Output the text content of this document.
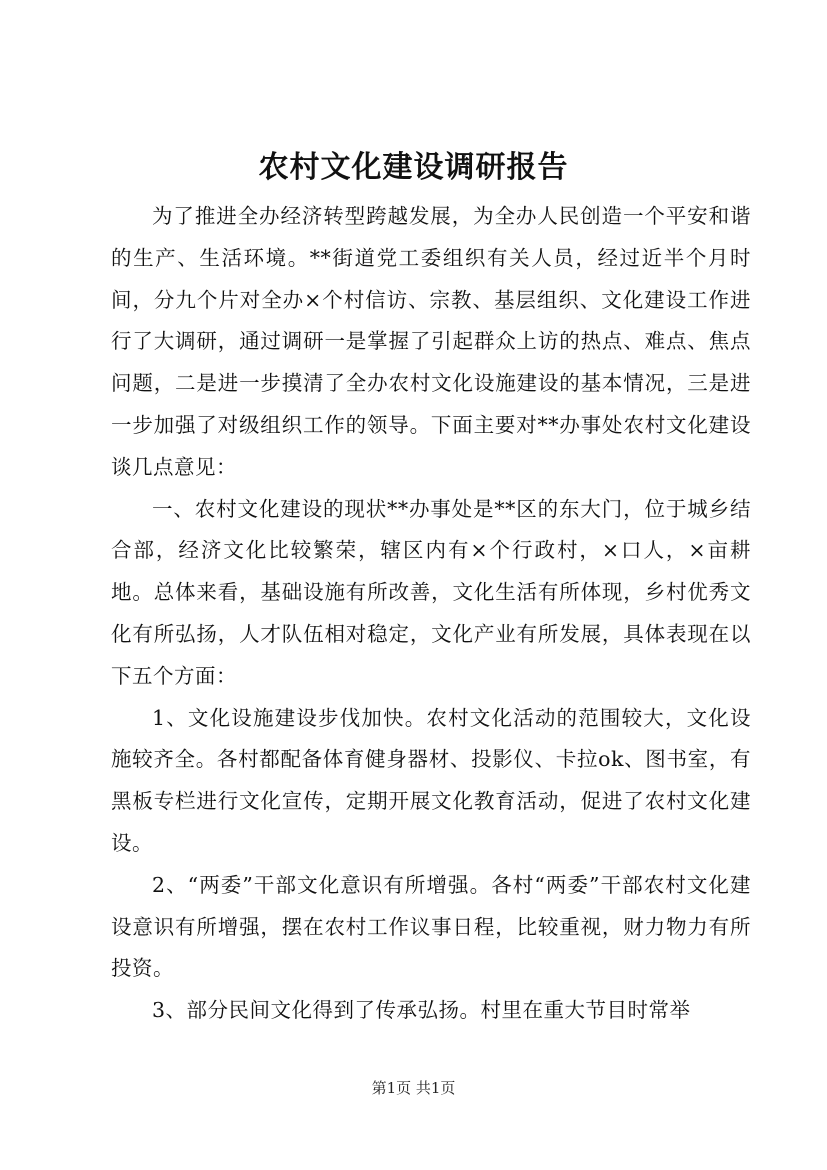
农村文化建设调研报告

为了推进全办经济转型跨越发展，为全办人民创造一个平安和谐的生产、生活环境。**街道党工委组织有关人员，经过近半个月时间，分九个片对全办×个村信访、宗教、基层组织、文化建设工作进行了大调研，通过调研一是掌握了引起群众上访的热点、难点、焦点问题，二是进一步摸清了全办农村文化设施建设的基本情况，三是进一步加强了对级组织工作的领导。下面主要对**办事处农村文化建设谈几点意见：

一、农村文化建设的现状**办事处是**区的东大门，位于城乡结合部，经济文化比较繁荣，辖区内有×个行政村，×口人，×亩耕地。总体来看，基础设施有所改善，文化生活有所体现，乡村优秀文化有所弘扬，人才队伍相对稳定，文化产业有所发展，具体表现在以下五个方面：

1、文化设施建设步伐加快。农村文化活动的范围较大，文化设施较齐全。各村都配备体育健身器材、投影仪、卡拉ok、图书室，有黑板专栏进行文化宣传，定期开展文化教育活动，促进了农村文化建设。

2、“两委”干部文化意识有所增强。各村“两委”干部农村文化建设意识有所增强，摆在农村工作议事日程，比较重视，财力物力有所投资。

3、部分民间文化得到了传承弘扬。村里在重大节目时常举

第1页 共1页
